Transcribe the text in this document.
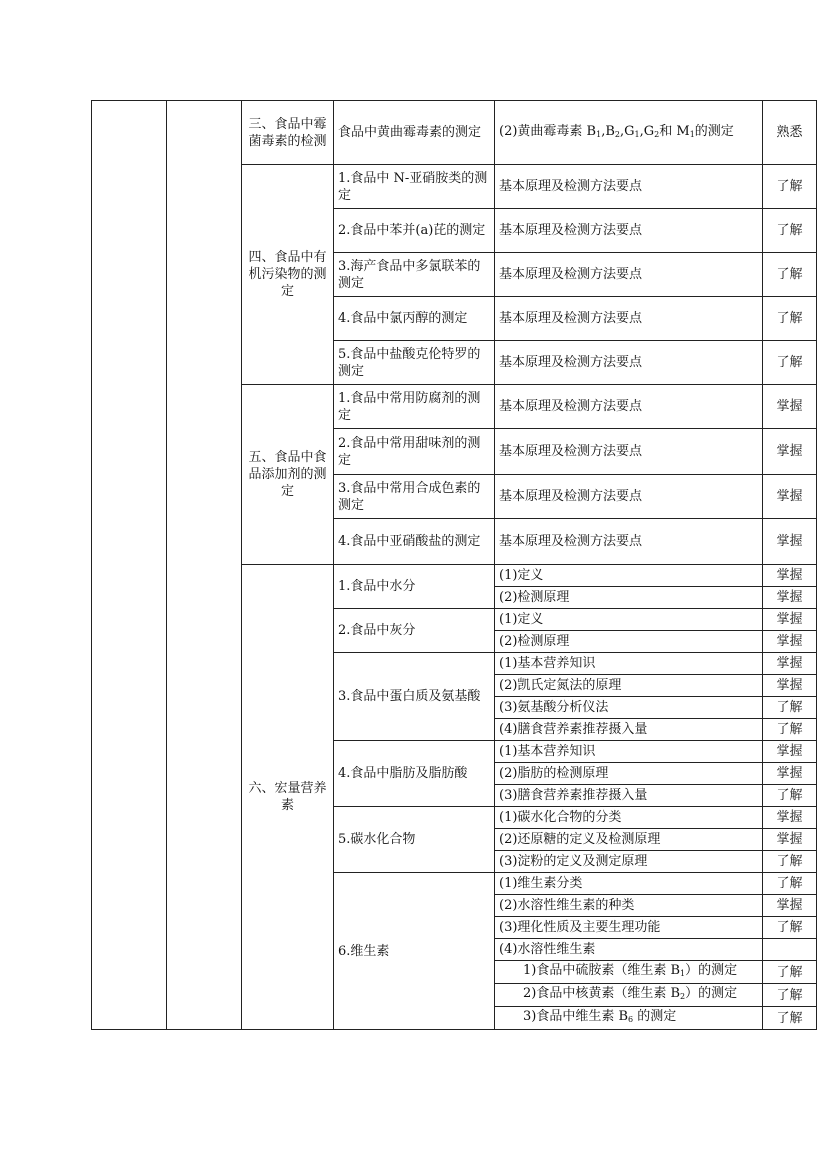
		三、食品中霉菌毒素的检测	食品中黄曲霉毒素的测定	(2)黄曲霉毒素 $B_1,B_2,G_1,G_2$和 $M_1$的测定	熟悉
		四、食品中有机污染物的测定	1.食品中 N-亚硝胺类的测定	基本原理及检测方法要点	了解
			2.食品中苯并(a)芘的测定	基本原理及检测方法要点	了解
			3.海产食品中多氯联苯的测定	基本原理及检测方法要点	了解
			4.食品中氯丙醇的测定	基本原理及检测方法要点	了解
			5.食品中盐酸克伦特罗的测定	基本原理及检测方法要点	了解
		五、食品中食品添加剂的测定	1.食品中常用防腐剂的测定	基本原理及检测方法要点	掌握
			2.食品中常用甜味剂的测定	基本原理及检测方法要点	掌握
			3.食品中常用合成色素的测定	基本原理及检测方法要点	掌握
			4.食品中亚硝酸盐的测定	基本原理及检测方法要点	掌握
		六、宏量营养素	1.食品中水分	(1)定义	掌握
				(2)检测原理	掌握
			2.食品中灰分	(1)定义	掌握
				(2)检测原理	掌握
			3.食品中蛋白质及氨基酸	(1)基本营养知识	掌握
				(2)凯氏定氮法的原理	掌握
				(3)氨基酸分析仪法	了解
				(4)膳食营养素推荐摄入量	了解
			4.食品中脂肪及脂肪酸	(1)基本营养知识	掌握
				(2)脂肪的检测原理	掌握
				(3)膳食营养素推荐摄入量	了解
			5.碳水化合物	(1)碳水化合物的分类	掌握
				(2)还原糖的定义及检测原理	掌握
				(3)淀粉的定义及测定原理	了解
			6.维生素	(1)维生素分类	了解
				(2)水溶性维生素的种类	掌握
				(3)理化性质及主要生理功能	了解
				(4)水溶性维生素	
				1)食品中硫胺素（维生素 $B_1$）的测定	了解
				2)食品中核黄素（维生素 $B_2$）的测定	了解
				3)食品中维生素 $B_6$ 的测定	了解
